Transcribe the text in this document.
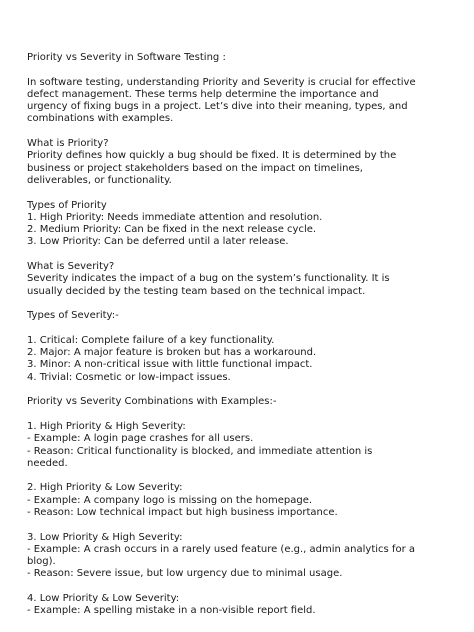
Priority vs Severity in Software Testing :
In software testing, understanding Priority and Severity is crucial for effective
defect management. These terms help determine the importance and
urgency of fixing bugs in a project. Let’s dive into their meaning, types, and
combinations with examples.
What is Priority?
Priority defines how quickly a bug should be fixed. It is determined by the
business or project stakeholders based on the impact on timelines,
deliverables, or functionality.
Types of Priority
1. High Priority: Needs immediate attention and resolution.
2. Medium Priority: Can be fixed in the next release cycle.
3. Low Priority: Can be deferred until a later release.
What is Severity?
Severity indicates the impact of a bug on the system’s functionality. It is
usually decided by the testing team based on the technical impact.
Types of Severity:-
1. Critical: Complete failure of a key functionality.
2. Major: A major feature is broken but has a workaround.
3. Minor: A non-critical issue with little functional impact.
4. Trivial: Cosmetic or low-impact issues.
Priority vs Severity Combinations with Examples:-
1. High Priority & High Severity:
- Example: A login page crashes for all users.
- Reason: Critical functionality is blocked, and immediate attention is
needed.
2. High Priority & Low Severity:
- Example: A company logo is missing on the homepage.
- Reason: Low technical impact but high business importance.
3. Low Priority & High Severity:
- Example: A crash occurs in a rarely used feature (e.g., admin analytics for a
blog).
- Reason: Severe issue, but low urgency due to minimal usage.
4. Low Priority & Low Severity:
- Example: A spelling mistake in a non-visible report field.
